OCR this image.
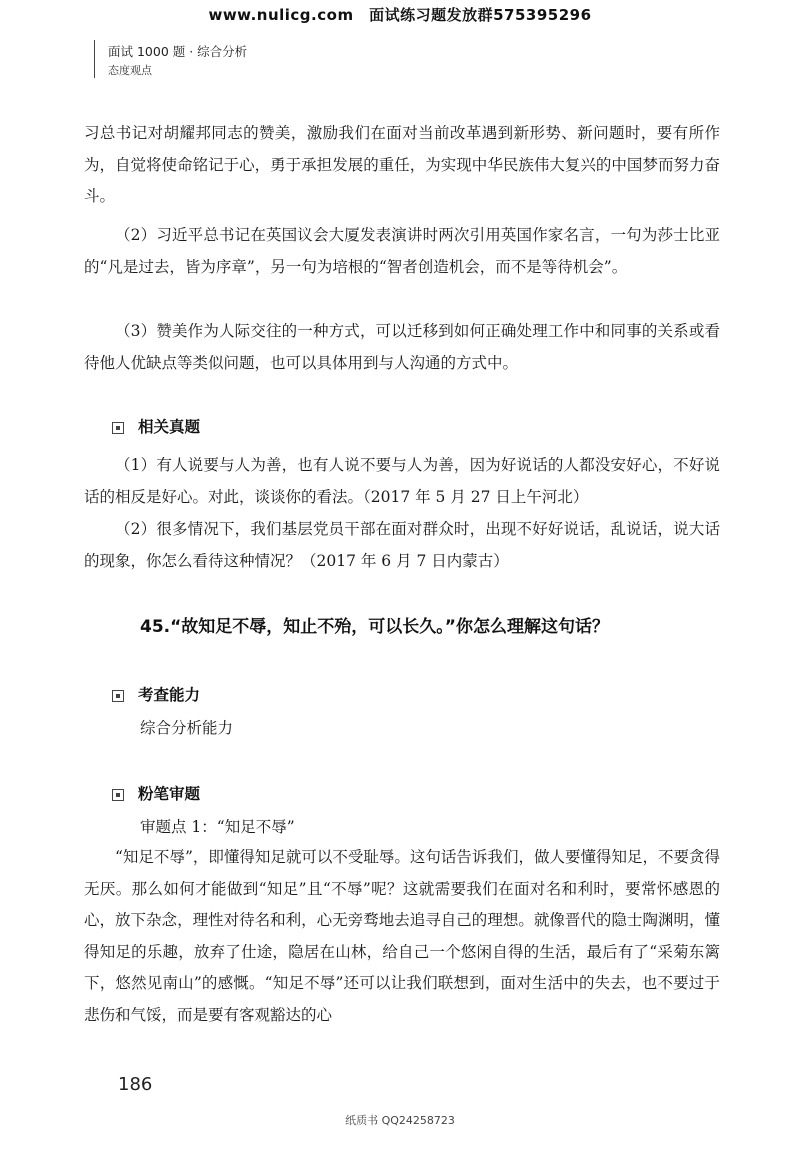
www.nulicg.com　面试练习题发放群575395296
面试 1000 题 · 综合分析
态度观点
习总书记对胡耀邦同志的赞美，激励我们在面对当前改革遇到新形势、新问题时，要有所作为，自觉将使命铭记于心，勇于承担发展的重任，为实现中华民族伟大复兴的中国梦而努力奋斗。
（2）习近平总书记在英国议会大厦发表演讲时两次引用英国作家名言，一句为莎士比亚的“凡是过去，皆为序章”，另一句为培根的“智者创造机会，而不是等待机会”。
（3）赞美作为人际交往的一种方式，可以迁移到如何正确处理工作中和同事的关系或看待他人优缺点等类似问题，也可以具体用到与人沟通的方式中。
相关真题
（1）有人说要与人为善，也有人说不要与人为善，因为好说话的人都没安好心，不好说话的相反是好心。对此，谈谈你的看法。（2017 年 5 月 27 日上午河北）
（2）很多情况下，我们基层党员干部在面对群众时，出现不好好说话，乱说话，说大话的现象，你怎么看待这种情况？（2017 年 6 月 7 日内蒙古）
45.“故知足不辱，知止不殆，可以长久。”你怎么理解这句话？
考查能力
综合分析能力
粉笔审题
审题点 1：“知足不辱”
“知足不辱”，即懂得知足就可以不受耻辱。这句话告诉我们，做人要懂得知足，不要贪得无厌。那么如何才能做到“知足”且“不辱”呢？这就需要我们在面对名和利时，要常怀感恩的心，放下杂念，理性对待名和利，心无旁骛地去追寻自己的理想。就像晋代的隐士陶渊明，懂得知足的乐趣，放弃了仕途，隐居在山林，给自己一个悠闲自得的生活，最后有了“采菊东篱下，悠然见南山”的感慨。“知足不辱”还可以让我们联想到，面对生活中的失去，也不要过于悲伤和气馁，而是要有客观豁达的心
186
纸质书 QQ24258723
